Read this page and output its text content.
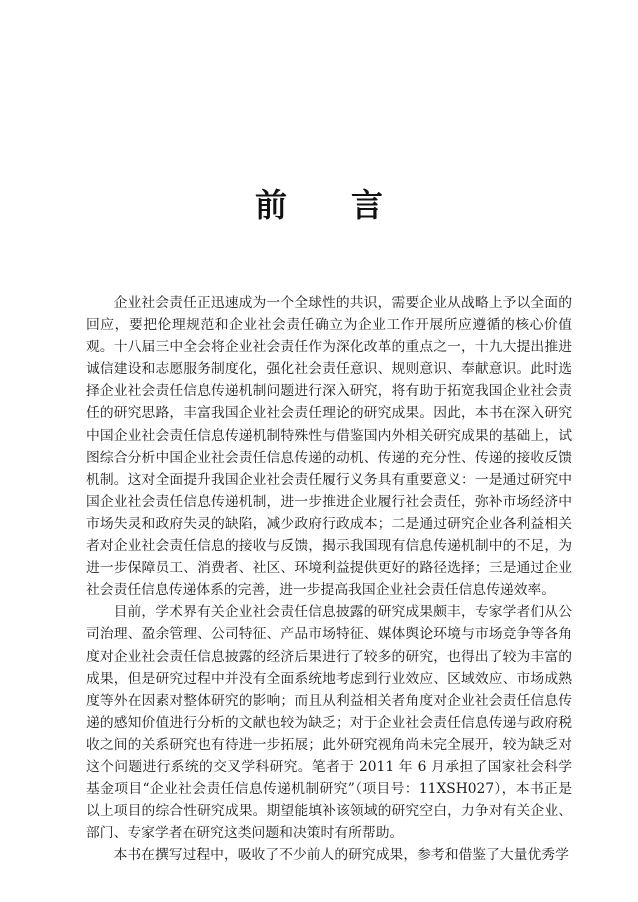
前 言

企业社会责任正迅速成为一个全球性的共识，需要企业从战略上予以全面的回应，要把伦理规范和企业社会责任确立为企业工作开展所应遵循的核心价值观。十八届三中全会将企业社会责任作为深化改革的重点之一，十九大提出推进诚信建设和志愿服务制度化，强化社会责任意识、规则意识、奉献意识。此时选择企业社会责任信息传递机制问题进行深入研究，将有助于拓宽我国企业社会责任的研究思路，丰富我国企业社会责任理论的研究成果。因此，本书在深入研究中国企业社会责任信息传递机制特殊性与借鉴国内外相关研究成果的基础上，试图综合分析中国企业社会责任信息传递的动机、传递的充分性、传递的接收反馈机制。这对全面提升我国企业社会责任履行义务具有重要意义：一是通过研究中国企业社会责任信息传递机制，进一步推进企业履行社会责任，弥补市场经济中市场失灵和政府失灵的缺陷，减少政府行政成本；二是通过研究企业各利益相关者对企业社会责任信息的接收与反馈，揭示我国现有信息传递机制中的不足，为进一步保障员工、消费者、社区、环境利益提供更好的路径选择；三是通过企业社会责任信息传递体系的完善，进一步提高我国企业社会责任信息传递效率。

目前，学术界有关企业社会责任信息披露的研究成果颇丰，专家学者们从公司治理、盈余管理、公司特征、产品市场特征、媒体舆论环境与市场竞争等各角度对企业社会责任信息披露的经济后果进行了较多的研究，也得出了较为丰富的成果，但是研究过程中并没有全面系统地考虑到行业效应、区域效应、市场成熟度等外在因素对整体研究的影响；而且从利益相关者角度对企业社会责任信息传递的感知价值进行分析的文献也较为缺乏；对于企业社会责任信息传递与政府税收之间的关系研究也有待进一步拓展；此外研究视角尚未完全展开，较为缺乏对这个问题进行系统的交叉学科研究。笔者于 2011 年 6 月承担了国家社会科学基金项目“企业社会责任信息传递机制研究”（项目号：11XSH027），本书正是以上项目的综合性研究成果。期望能填补该领域的研究空白，力争对有关企业、部门、专家学者在研究这类问题和决策时有所帮助。

本书在撰写过程中，吸收了不少前人的研究成果，参考和借鉴了大量优秀学
